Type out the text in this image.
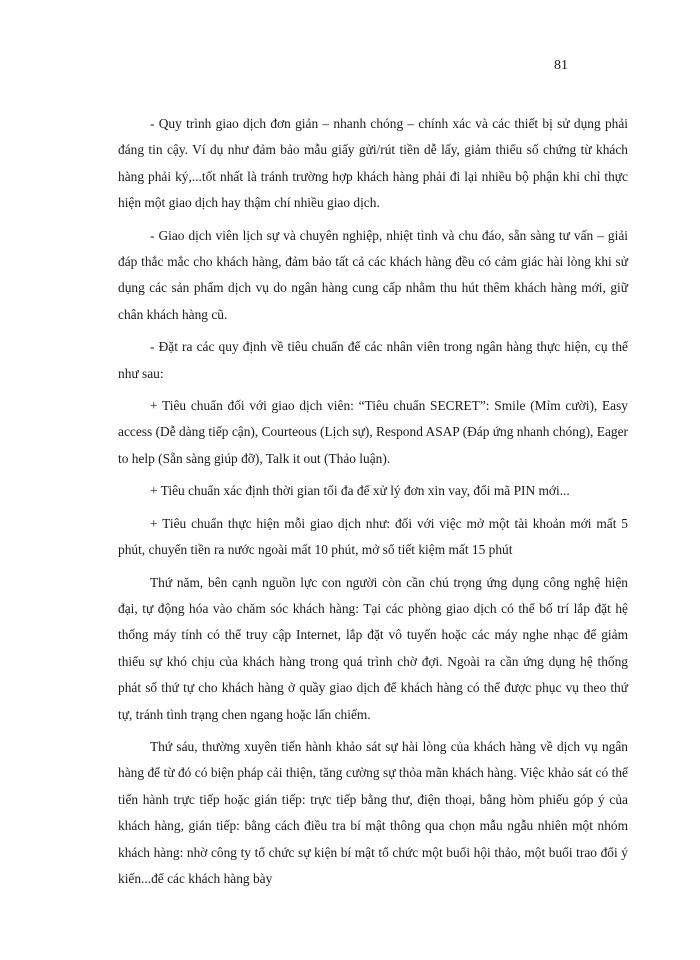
81

- Quy trình giao dịch đơn giản – nhanh chóng – chính xác và các thiết bị sử dụng phải đáng tin cậy. Ví dụ như đảm bảo mẫu giấy gửi/rút tiền dễ lấy, giảm thiểu số chứng từ khách hàng phải ký,...tốt nhất là tránh trường hợp khách hàng phải đi lại nhiều bộ phận khi chỉ thực hiện một giao dịch hay thậm chí nhiều giao dịch.

- Giao dịch viên lịch sự và chuyên nghiệp, nhiệt tình và chu đáo, sẵn sàng tư vấn – giải đáp thắc mắc cho khách hàng, đảm bảo tất cả các khách hàng đều có cảm giác hài lòng khi sử dụng các sản phẩm dịch vụ do ngân hàng cung cấp nhằm thu hút thêm khách hàng mới, giữ chân khách hàng cũ.

- Đặt ra các quy định về tiêu chuẩn để các nhân viên trong ngân hàng thực hiện, cụ thể như sau:

+ Tiêu chuẩn đối với giao dịch viên: “Tiêu chuẩn SECRET”: Smile (Mỉm cười), Easy access (Dễ dàng tiếp cận), Courteous (Lịch sự), Respond ASAP (Đáp ứng nhanh chóng), Eager to help (Sẵn sàng giúp đỡ), Talk it out (Thảo luận).

+ Tiêu chuẩn xác định thời gian tối đa để xử lý đơn xin vay, đổi mã PIN mới...

+ Tiêu chuẩn thực hiện mỗi giao dịch như: đối với việc mở một tài khoản mới mất 5 phút, chuyển tiền ra nước ngoài mất 10 phút, mở sổ tiết kiệm mất 15 phút

Thứ năm, bên cạnh nguồn lực con người còn cần chú trọng ứng dụng công nghệ hiện đại, tự động hóa vào chăm sóc khách hàng: Tại các phòng giao dịch có thể bố trí lắp đặt hệ thống máy tính có thể truy cập Internet, lắp đặt vô tuyến hoặc các máy nghe nhạc để giảm thiểu sự khó chịu của khách hàng trong quá trình chờ đợi. Ngoài ra cần ứng dụng hệ thống phát số thứ tự cho khách hàng ở quầy giao dịch để khách hàng có thể được phục vụ theo thứ tự, tránh tình trạng chen ngang hoặc lấn chiếm.

Thứ sáu, thường xuyên tiến hành khảo sát sự hài lòng của khách hàng về dịch vụ ngân hàng để từ đó có biện pháp cải thiện, tăng cường sự thỏa mãn khách hàng. Việc khảo sát có thể tiến hành trực tiếp hoặc gián tiếp: trực tiếp bằng thư, điện thoại, bằng hòm phiếu góp ý của khách hàng, gián tiếp: bằng cách điều tra bí mật thông qua chọn mẫu ngẫu nhiên một nhóm khách hàng: nhờ công ty tổ chức sự kiện bí mật tổ chức một buổi hội thảo, một buổi trao đổi ý kiến...để các khách hàng bày
